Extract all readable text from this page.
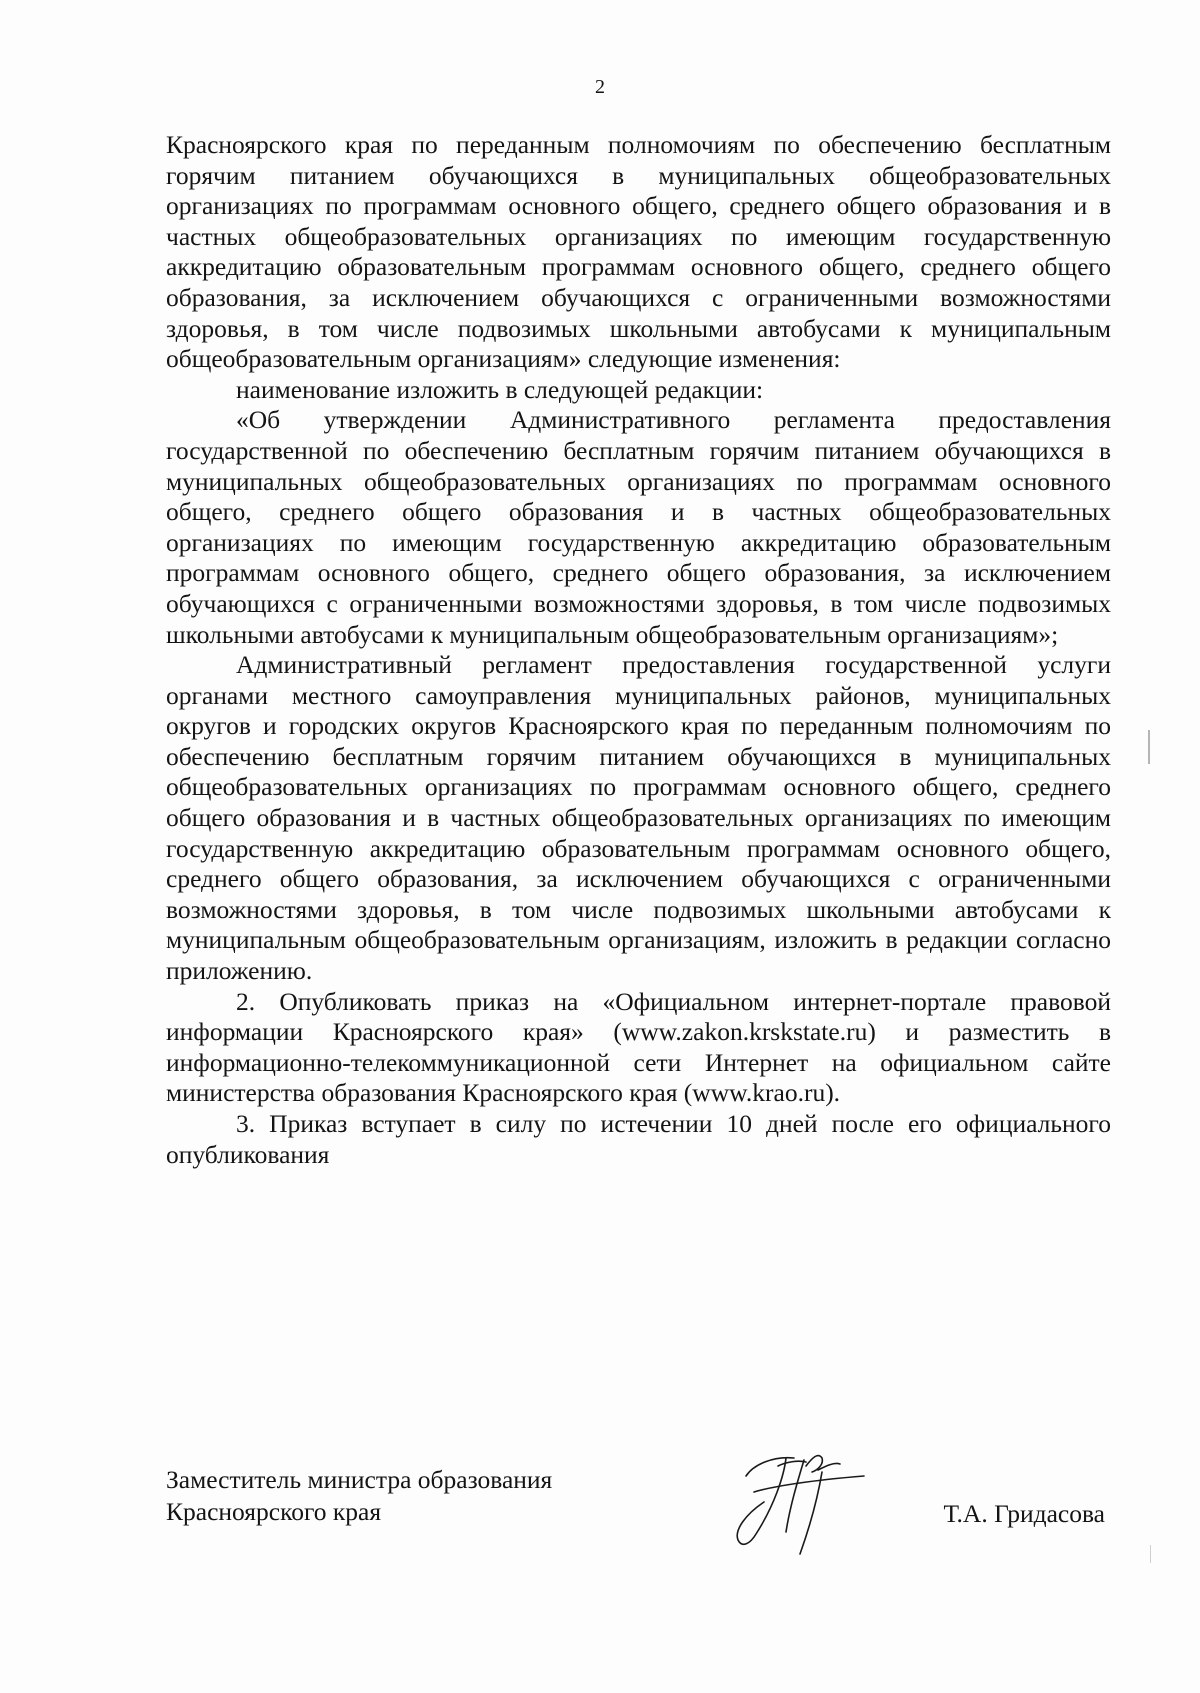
2

Красноярского края по переданным полномочиям по обеспечению бесплатным горячим питанием обучающихся в муниципальных общеобразовательных организациях по программам основного общего, среднего общего образования и в частных общеобразовательных организациях по имеющим государственную аккредитацию образовательным программам основного общего, среднего общего образования, за исключением обучающихся с ограниченными возможностями здоровья, в том числе подвозимых школьными автобусами к муниципальным общеобразовательным организациям» следующие изменения:

наименование изложить в следующей редакции:

«Об утверждении Административного регламента предоставления государственной по обеспечению бесплатным горячим питанием обучающихся в муниципальных общеобразовательных организациях по программам основного общего, среднего общего образования и в частных общеобразовательных организациях по имеющим государственную аккредитацию образовательным программам основного общего, среднего общего образования, за исключением обучающихся с ограниченными возможностями здоровья, в том числе подвозимых школьными автобусами к муниципальным общеобразовательным организациям»;

Административный регламент предоставления государственной услуги органами местного самоуправления муниципальных районов, муниципальных округов и городских округов Красноярского края по переданным полномочиям по обеспечению бесплатным горячим питанием обучающихся в муниципальных общеобразовательных организациях по программам основного общего, среднего общего образования и в частных общеобразовательных организациях по имеющим государственную аккредитацию образовательным программам основного общего, среднего общего образования, за исключением обучающихся с ограниченными возможностями здоровья, в том числе подвозимых школьными автобусами к муниципальным общеобразовательным организациям, изложить в редакции согласно приложению.

2. Опубликовать приказ на «Официальном интернет-портале правовой информации Красноярского края» (www.zakon.krskstate.ru) и разместить в информационно-телекоммуникационной сети Интернет на официальном сайте министерства образования Красноярского края (www.krao.ru).

3. Приказ вступает в силу по истечении 10 дней после его официального опубликования

Заместитель министра образования
Красноярского края	Т.А. Гридасова
